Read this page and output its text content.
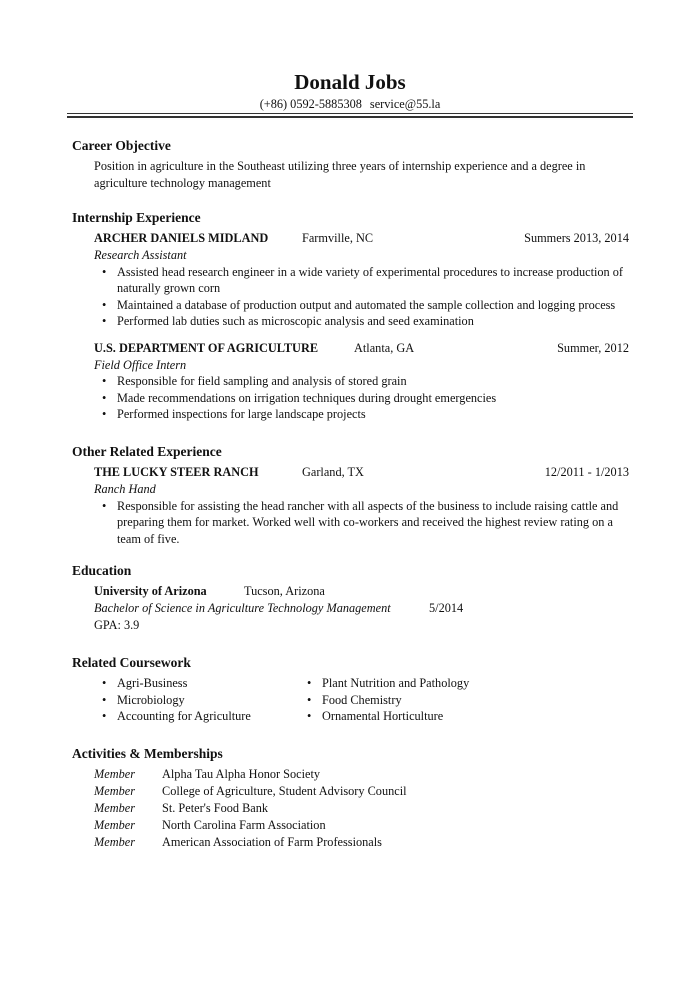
Donald Jobs
(+86) 0592-5885308 service@55.la
Career Objective
Position in agriculture in the Southeast utilizing three years of internship experience and a degree in
agriculture technology management
Internship Experience
ARCHER DANIELS MIDLAND	Farmville, NC	Summers 2013, 2014
Research Assistant
• Assisted head research engineer in a wide variety of experimental procedures to increase production of naturally grown corn
• Maintained a database of production output and automated the sample collection and logging process
• Performed lab duties such as microscopic analysis and seed examination
U.S. DEPARTMENT OF AGRICULTURE	Atlanta, GA	Summer, 2012
Field Office Intern
• Responsible for field sampling and analysis of stored grain
• Made recommendations on irrigation techniques during drought emergencies
• Performed inspections for large landscape projects
Other Related Experience
THE LUCKY STEER RANCH	Garland, TX	12/2011 - 1/2013
Ranch Hand
• Responsible for assisting the head rancher with all aspects of the business to include raising cattle and preparing them for market. Worked well with co-workers and received the highest review rating on a team of five.
Education
University of Arizona	Tucson, Arizona
Bachelor of Science in Agriculture Technology Management	5/2014
GPA: 3.9
Related Coursework
• Agri-Business
• Microbiology
• Accounting for Agriculture
• Plant Nutrition and Pathology
• Food Chemistry
• Ornamental Horticulture
Activities & Memberships
Member Alpha Tau Alpha Honor Society
Member College of Agriculture, Student Advisory Council
Member St. Peter's Food Bank
Member North Carolina Farm Association
Member American Association of Farm Professionals
